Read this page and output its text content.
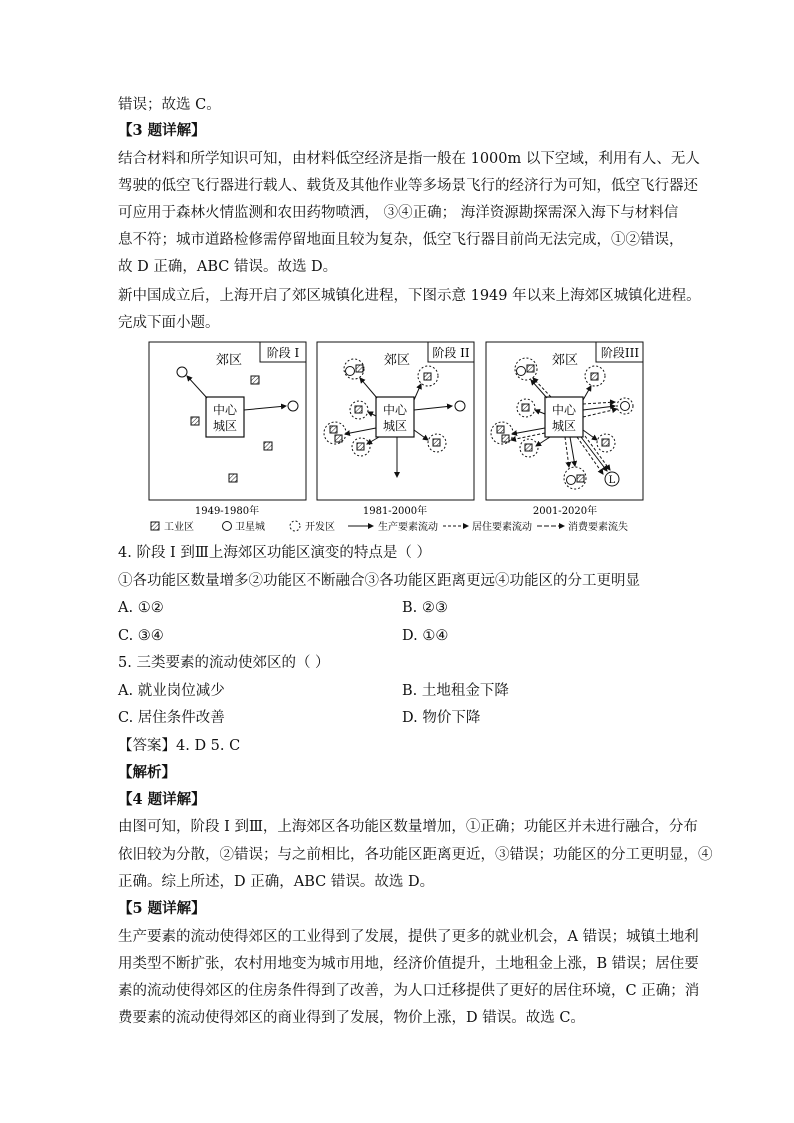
错误；故选 C。
【3 题详解】
结合材料和所学知识可知，由材料低空经济是指一般在 1000m 以下空域，利用有人、无人
驾驶的低空飞行器进行载人、载货及其他作业等多场景飞行的经济行为可知，低空飞行器还
可应用于森林火情监测和农田药物喷洒， ③④正确； 海洋资源勘探需深入海下与材料信
息不符；城市道路检修需停留地面且较为复杂，低空飞行器目前尚无法完成，①②错误，
故 D 正确，ABC 错误。故选 D。
新中国成立后，上海开启了郊区城镇化进程，下图示意 1949 年以来上海郊区城镇化进程。
完成下面小题。
阶段 I
郊区
中心
城区
阶段 II
郊区
中心
城区
阶段III
郊区
中心
城区
L
1949-1980年	1981-2000年	2001-2020年
工业区	卫星城	开发区	生产要素流动	居住要素流动	消费要素流失
4. 阶段 I 到Ⅲ上海郊区功能区演变的特点是（ ）
①各功能区数量增多②功能区不断融合③各功能区距离更远④功能区的分工更明显
A. ①②	B. ②③
C. ③④	D. ①④
5. 三类要素的流动使郊区的（ ）
A. 就业岗位减少	B. 土地租金下降
C. 居住条件改善	D. 物价下降
【答案】4. D 5. C
【解析】
【4 题详解】
由图可知，阶段 I 到Ⅲ，上海郊区各功能区数量增加，①正确；功能区并未进行融合，分布
依旧较为分散，②错误；与之前相比，各功能区距离更近，③错误；功能区的分工更明显，④
正确。综上所述，D 正确，ABC 错误。故选 D。
【5 题详解】
生产要素的流动使得郊区的工业得到了发展，提供了更多的就业机会，A 错误；城镇土地利
用类型不断扩张，农村用地变为城市用地，经济价值提升，土地租金上涨，B 错误；居住要
素的流动使得郊区的住房条件得到了改善，为人口迁移提供了更好的居住环境，C 正确；消
费要素的流动使得郊区的商业得到了发展，物价上涨，D 错误。故选 C。
